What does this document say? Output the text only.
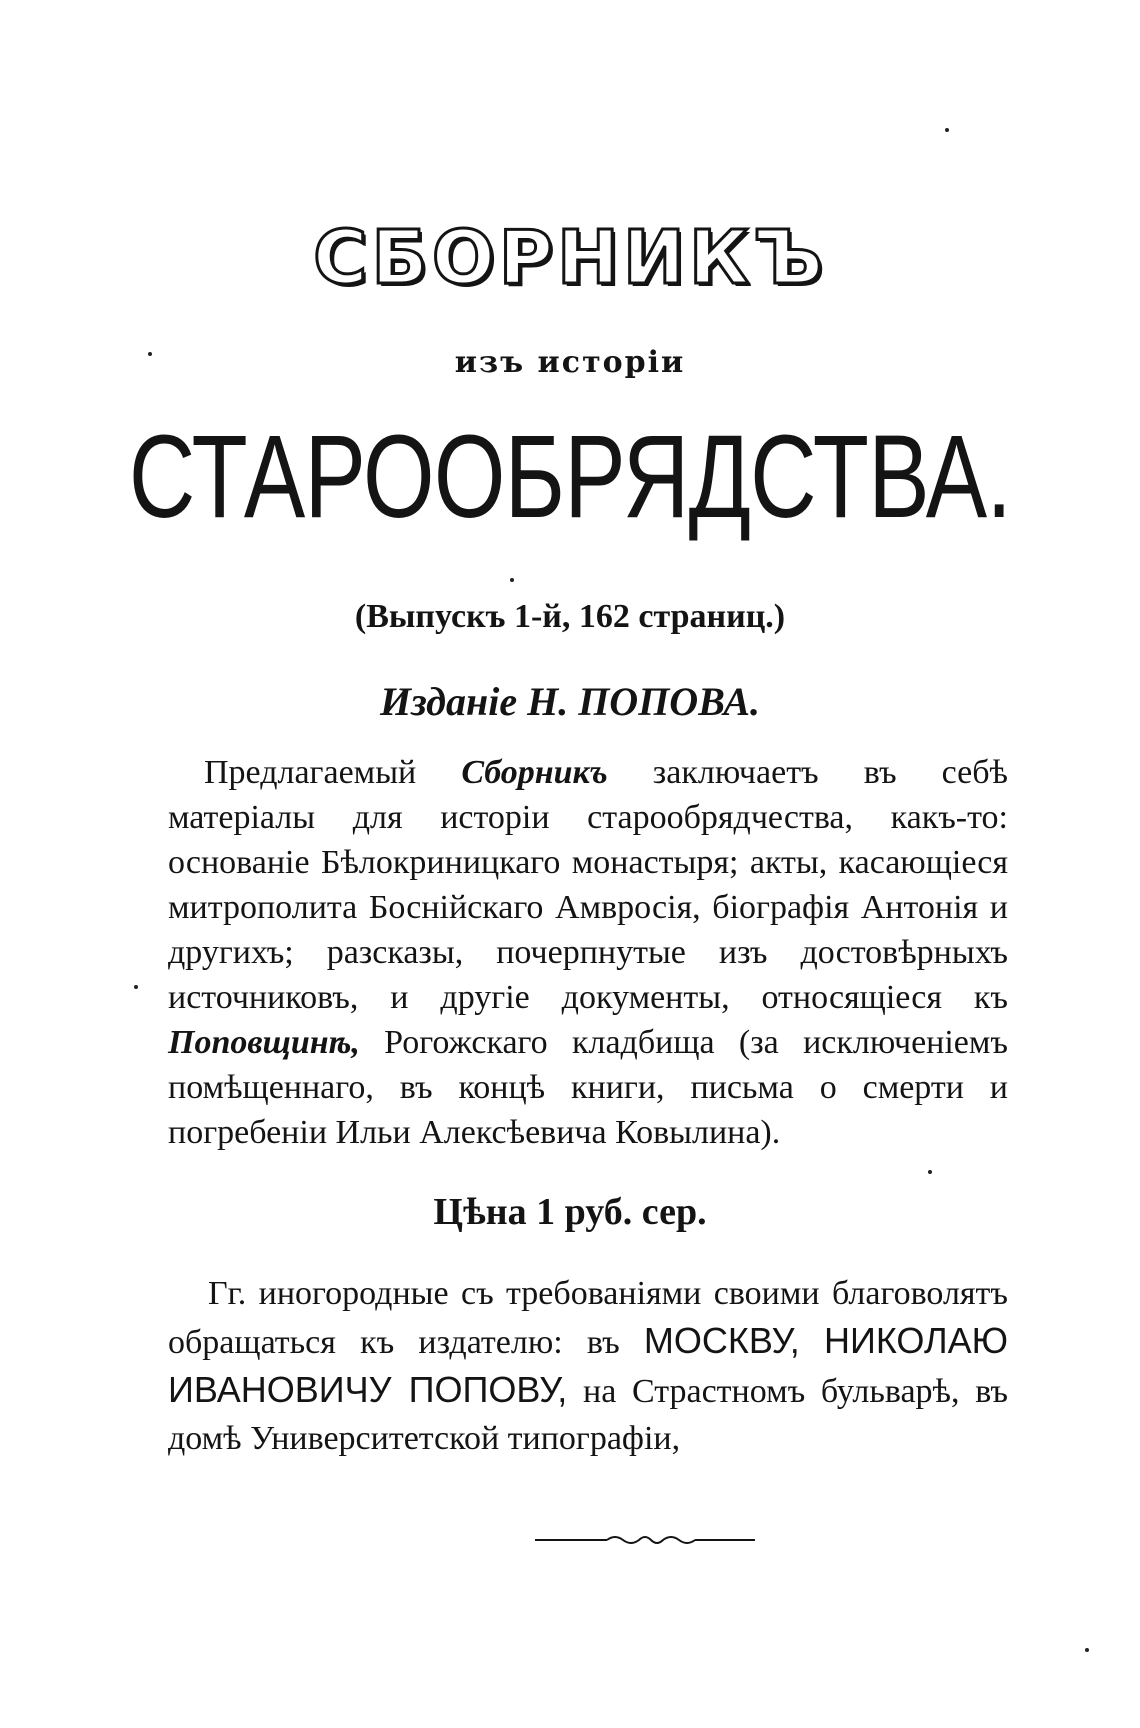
СБОРНИКЪ
изъ исторіи
СТАРООБРЯДСТВА.
(Выпускъ 1-й, 162 страниц.)
Изданіе Н. ПОПОВА.
Предлагаемый Сборникъ заключаетъ въ себѣ матеріалы для исторіи старообрядчества, какъ-то: основаніе Бѣлокриницкаго монастыря; акты, касающіеся митрополита Боснійскаго Амвросія, біографія Антонія и другихъ; разсказы, почерпнутые изъ достовѣрныхъ источниковъ, и другіе документы, относящіеся къ Поповщинѣ, Рогожскаго кладбища (за исключеніемъ помѣщеннаго, въ концѣ книги, письма о смерти и погребеніи Ильи Алексѣевича Ковылина).
Цѣна 1 руб. сер.
Гг. иногородные съ требованіями своими благоволятъ обращаться къ издателю: въ МОСКВУ, НИКОЛАЮ ИВАНОВИЧУ ПОПОВУ, на Страстномъ бульварѣ, въ домѣ Университетской типографіи,
